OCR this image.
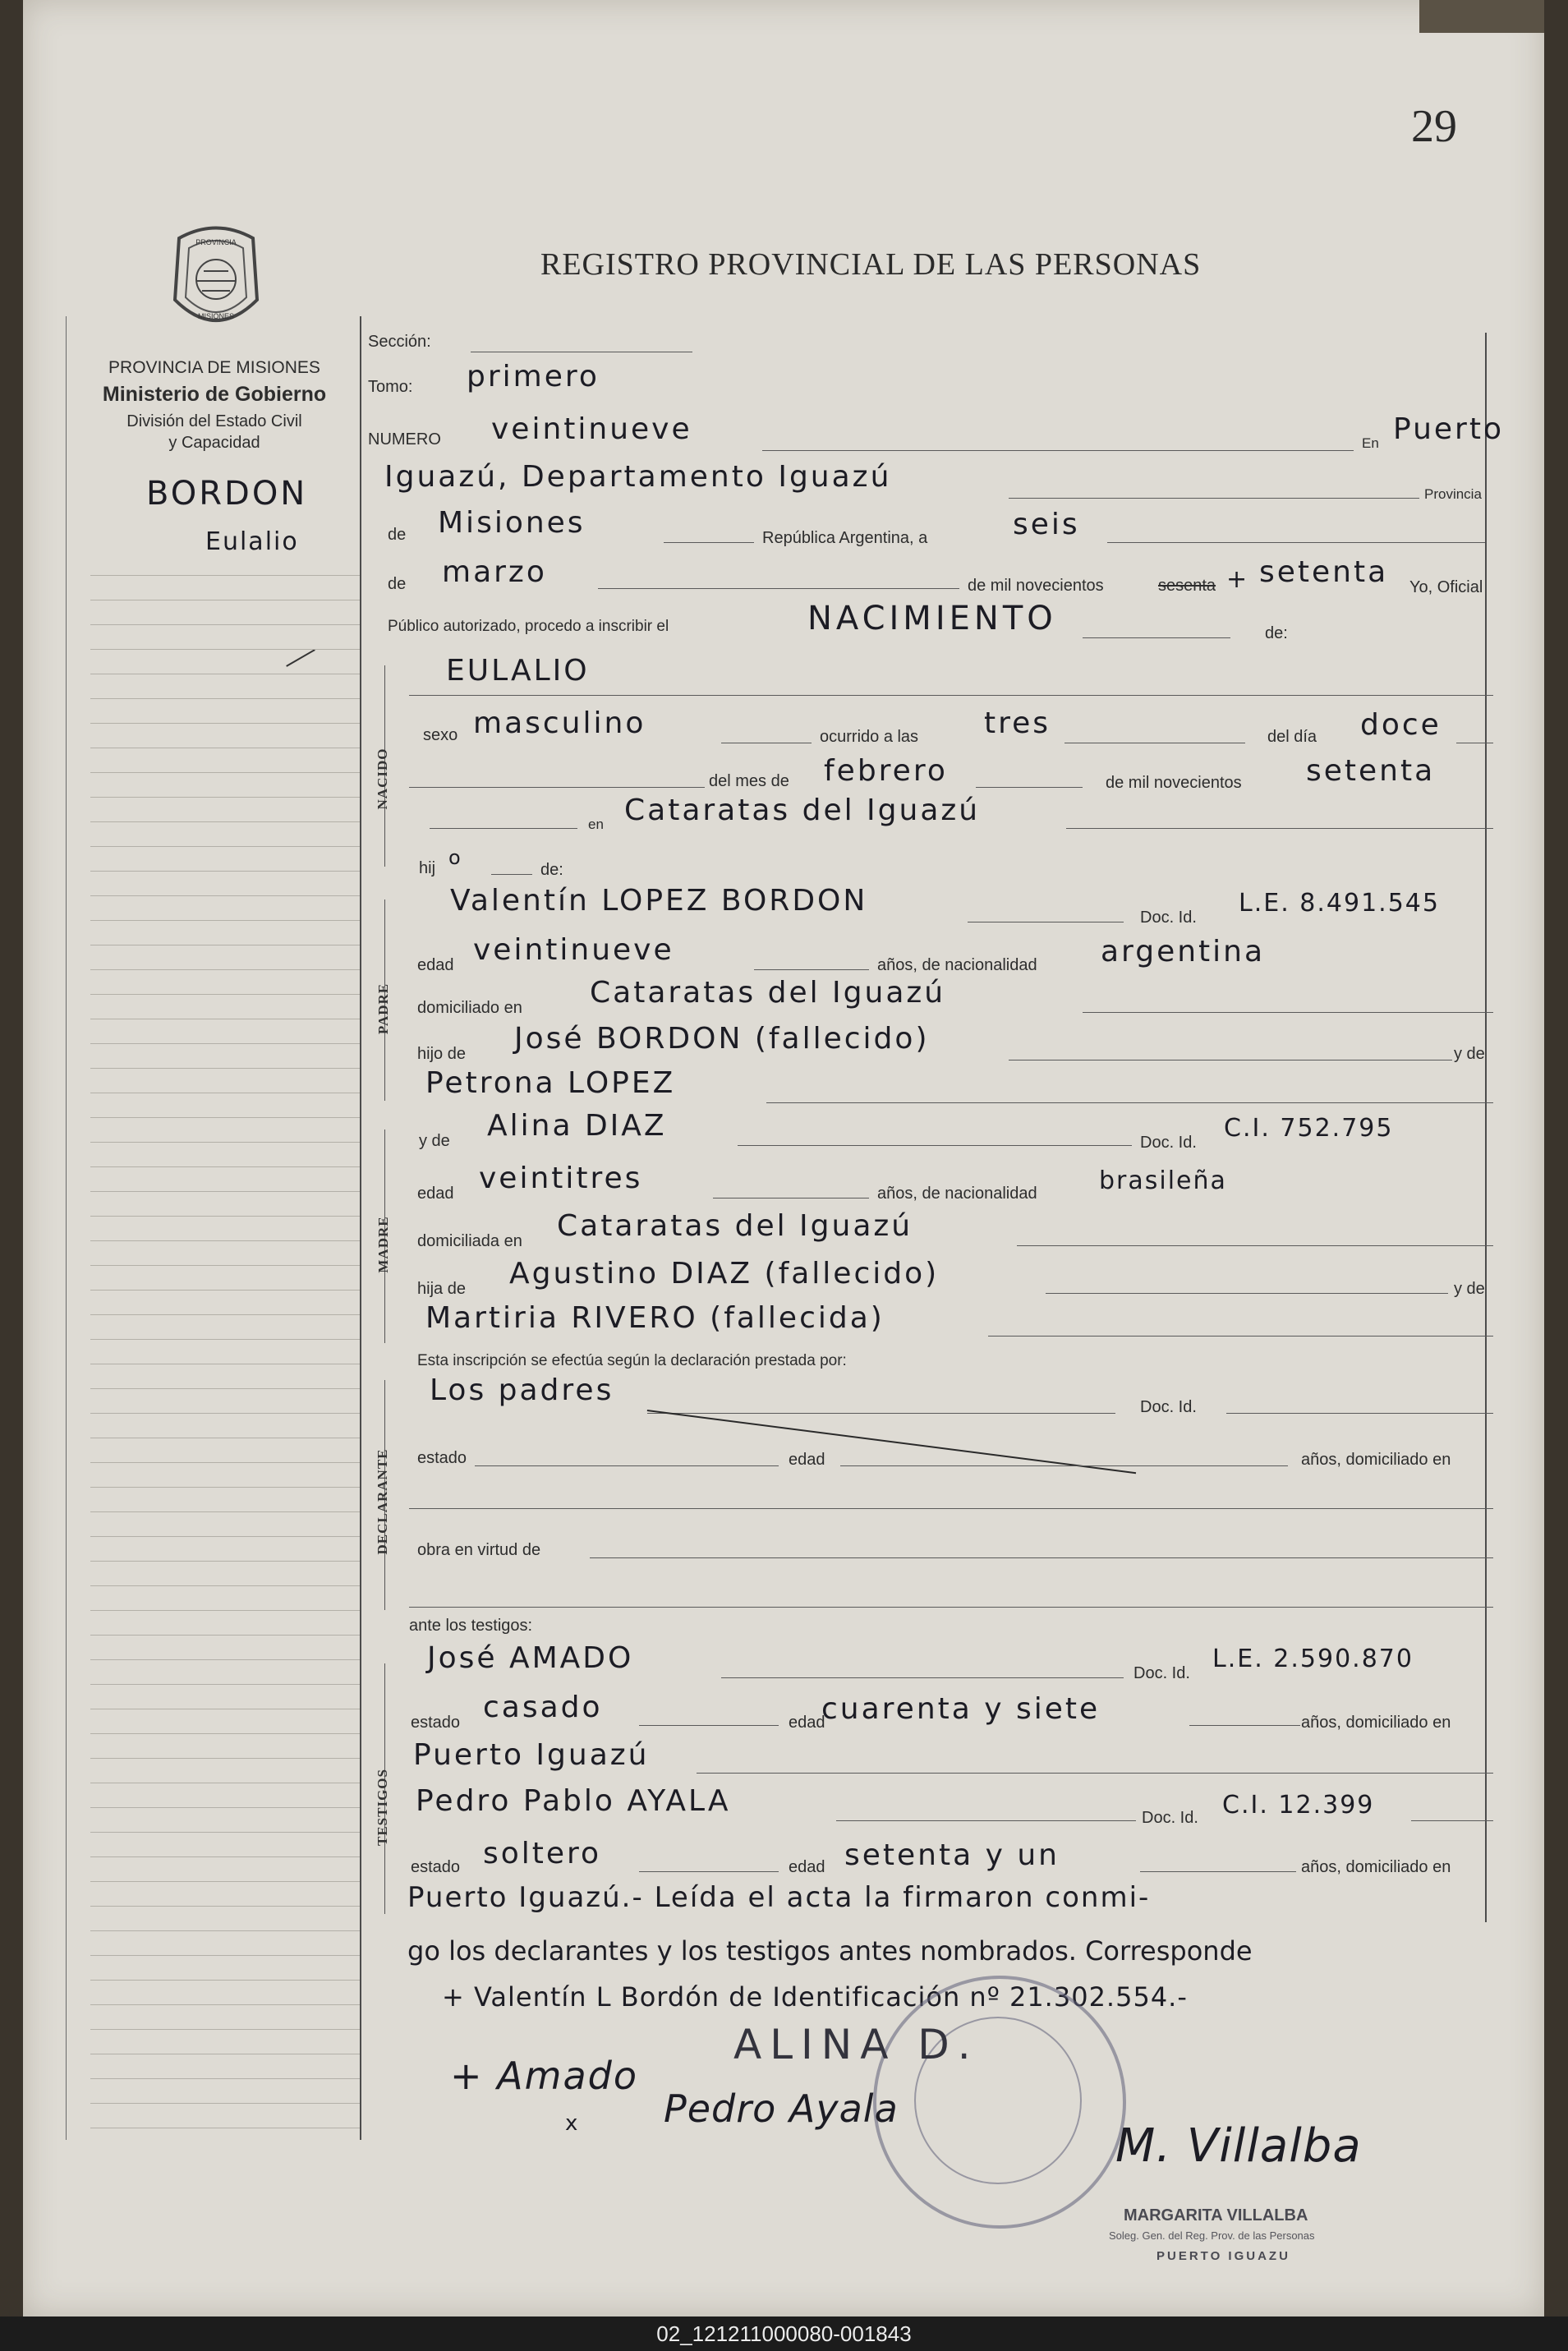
29
PROVINCIA
MISIONES
REGISTRO PROVINCIAL DE LAS PERSONAS
NACIDO
PADRE
MADRE
DECLARANTE
TESTIGOS
PROVINCIA DE MISIONES
Ministerio de Gobierno
División del Estado Civil
y Capacidad
BORDON
Eulalio
Sección:
Tomo: primero
NUMERO veintinueve	En Puerto
Iguazú, Departamento Iguazú
Provincia
de Misiones	República Argentina, a	seis
de marzo	de mil novecientos	sesenta + setenta Yo, Oficial
Público autorizado, procedo a inscribir el	NACIMIENTO	de:
EULALIO
sexo masculino	ocurrido a las tres	del día doce
del mes de febrero	de mil novecientos setenta
en Cataratas del Iguazú
hij o
de:
Valentín LOPEZ BORDON	Doc. Id. L.E. 8.491.545
edad veintinueve	años, de nacionalidad argentina
domiciliado en Cataratas del Iguazú
hijo de José BORDON (fallecido)	y de
Petrona LOPEZ
y de Alina DIAZ	Doc. Id. C.I. 752.795
edad veintitres	años, de nacionalidad	brasileña
domiciliada en Cataratas del Iguazú
hija de Agustino DIAZ (fallecido)	y de
Martiria RIVERO (fallecida)
Esta inscripción se efectúa según la declaración prestada por:
Los padres	Doc. Id.
estado	edad	años, domiciliado en
obra en virtud de
ante los testigos:
José AMADO	Doc. Id. L.E. 2.590.870
estado casado	edad
cuarenta y siete	años, domiciliado en
Puerto Iguazú
Pedro Pablo AYALA	Doc. Id. C.I. 12.399
estado soltero	edad setenta y un	años, domiciliado en
Puerto Iguazú.- Leída el acta la firmaron conmi-
go los declarantes y los testigos antes nombrados. Corresponde
+ Valentín L Bordón de Identificación nº 21.302.554.-
ALINA D.
+ Amado
x Pedro Ayala
M. Villalba
MARGARITA VILLALBA
Soleg. Gen. del Reg. Prov. de las Personas
PUERTO IGUAZU
02_121211000080-001843
